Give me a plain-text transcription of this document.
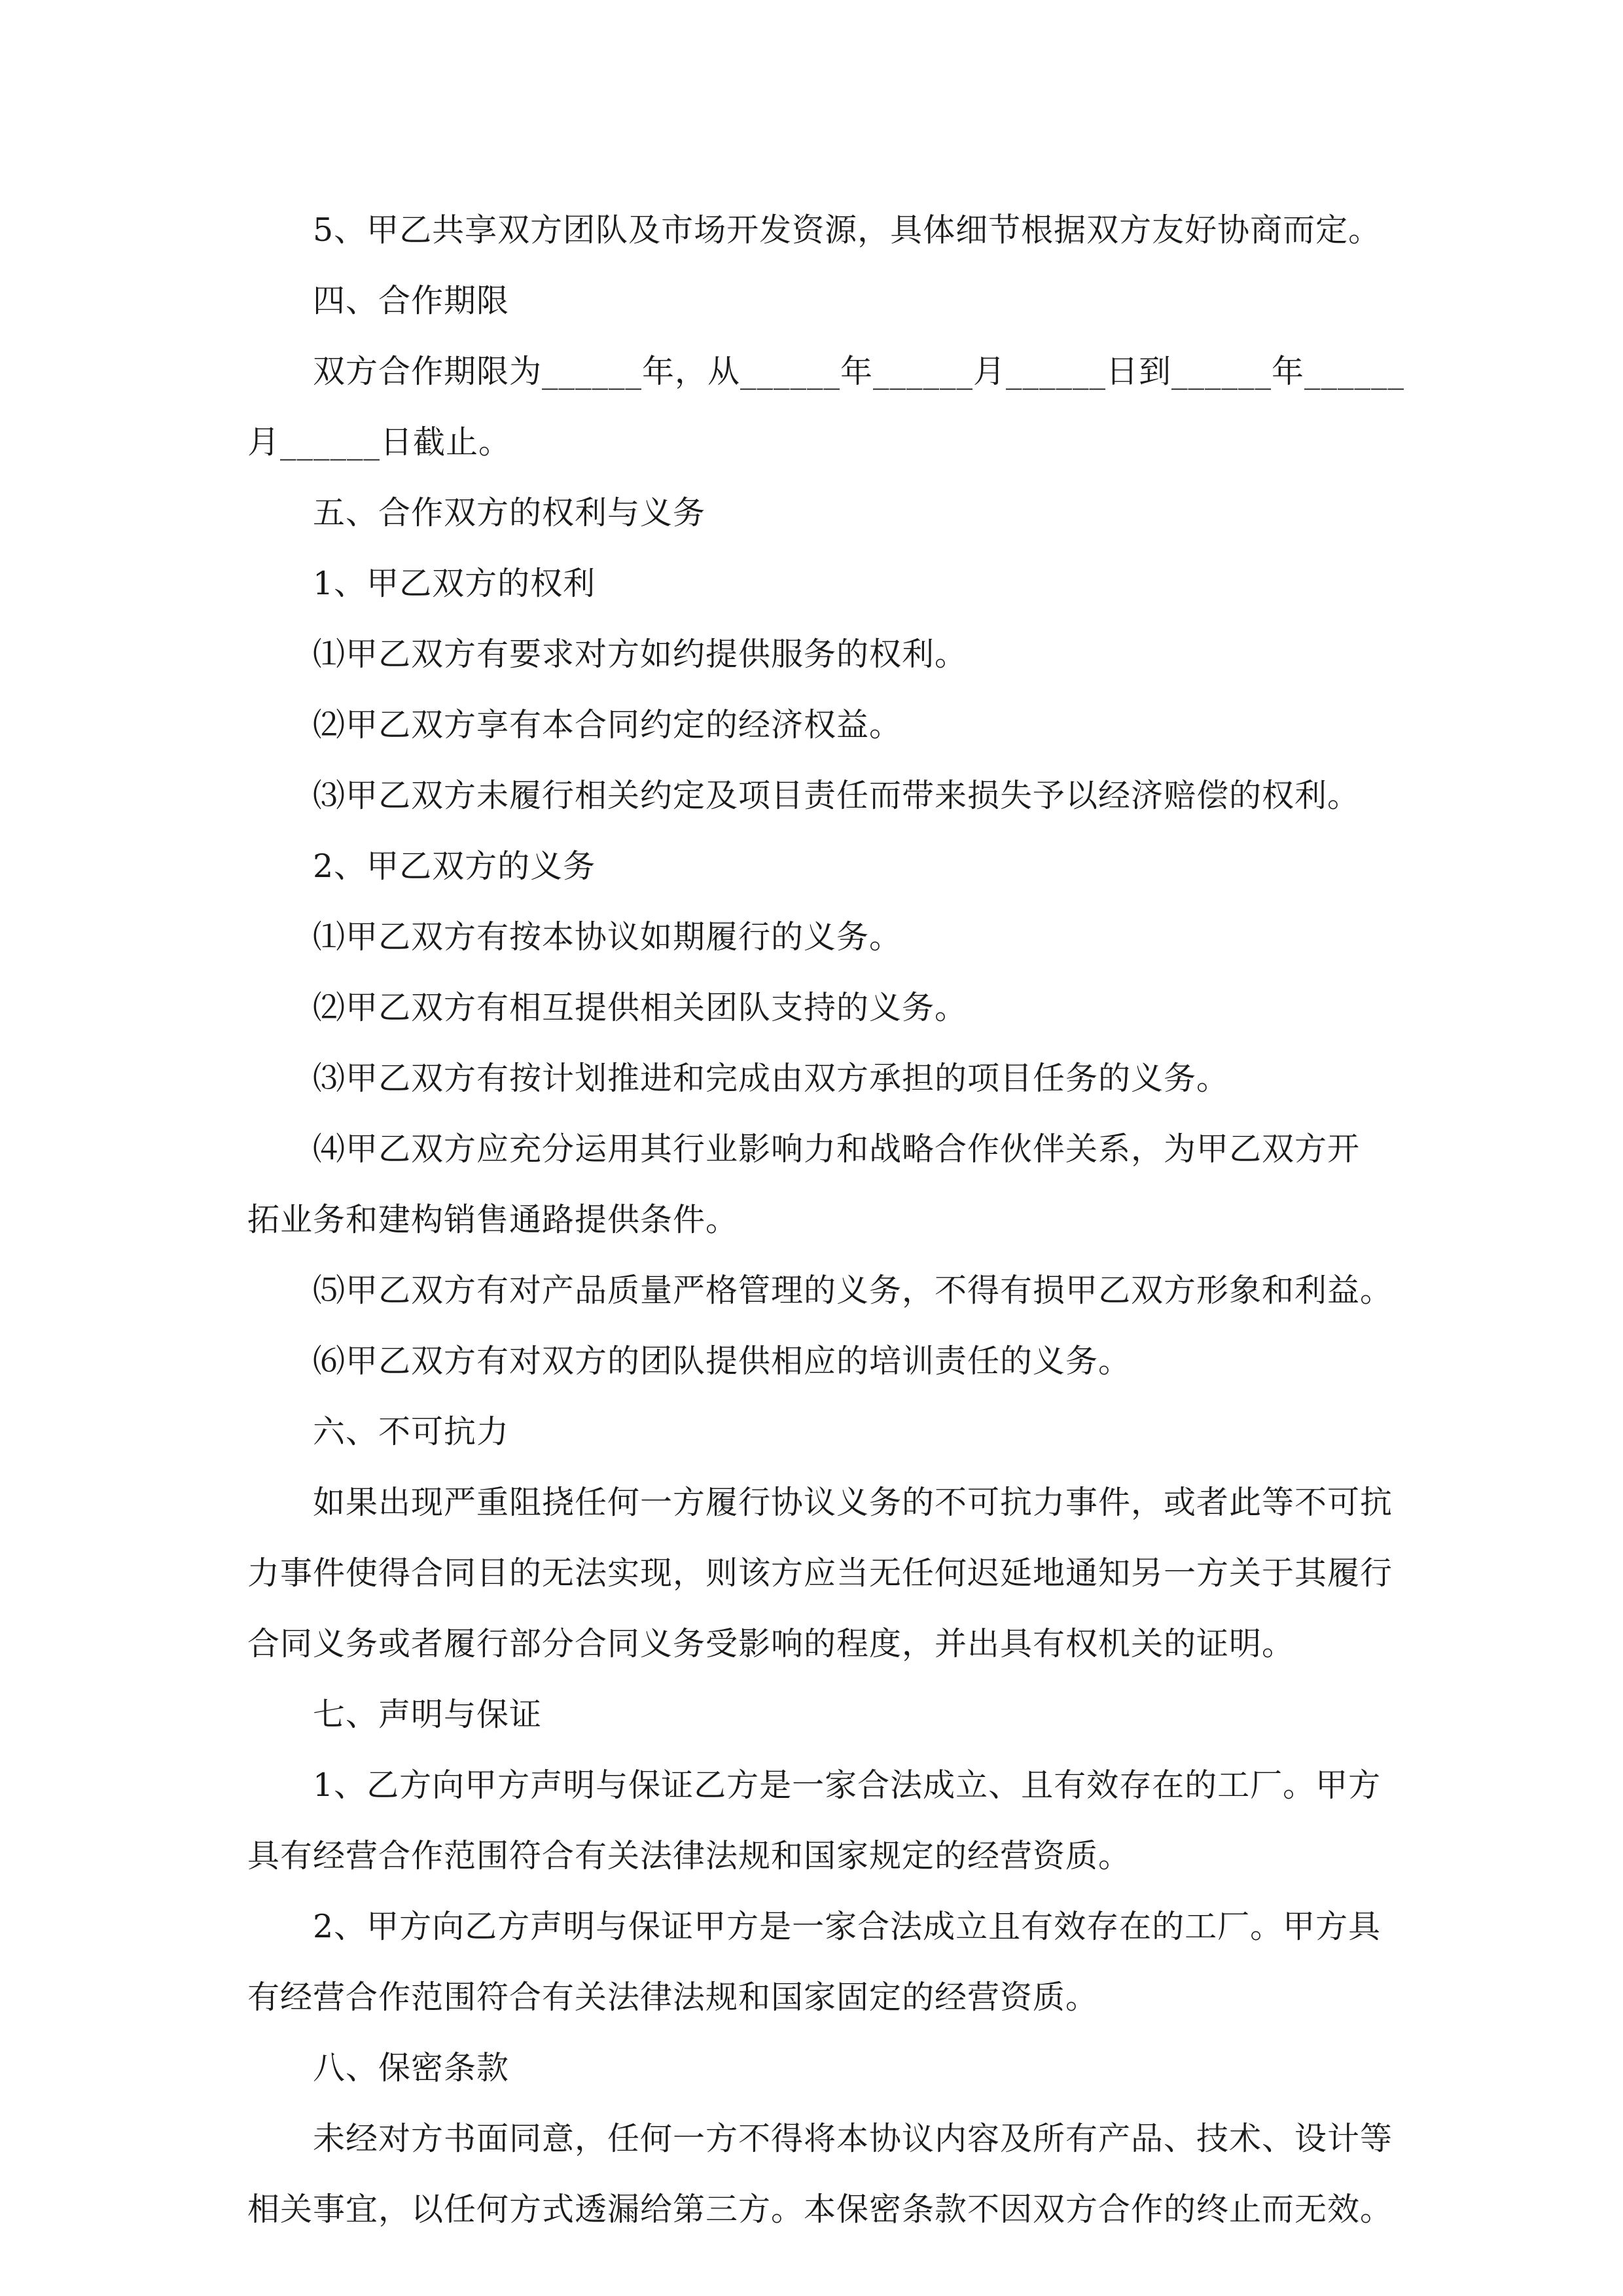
5、甲乙共享双方团队及市场开发资源，具体细节根据双方友好协商而定。
四、合作期限
双方合作期限为______年，从______年______月______日到______年______
月______日截止。
五、合作双方的权利与义务
1、甲乙双方的权利
⑴甲乙双方有要求对方如约提供服务的权利。
⑵甲乙双方享有本合同约定的经济权益。
⑶甲乙双方未履行相关约定及项目责任而带来损失予以经济赔偿的权利。
2、甲乙双方的义务
⑴甲乙双方有按本协议如期履行的义务。
⑵甲乙双方有相互提供相关团队支持的义务。
⑶甲乙双方有按计划推进和完成由双方承担的项目任务的义务。
⑷甲乙双方应充分运用其行业影响力和战略合作伙伴关系，为甲乙双方开
拓业务和建构销售通路提供条件。
⑸甲乙双方有对产品质量严格管理的义务，不得有损甲乙双方形象和利益。
⑹甲乙双方有对双方的团队提供相应的培训责任的义务。
六、不可抗力
如果出现严重阻挠任何一方履行协议义务的不可抗力事件，或者此等不可抗
力事件使得合同目的无法实现，则该方应当无任何迟延地通知另一方关于其履行
合同义务或者履行部分合同义务受影响的程度，并出具有权机关的证明。
七、声明与保证
1、乙方向甲方声明与保证乙方是一家合法成立、且有效存在的工厂。甲方
具有经营合作范围符合有关法律法规和国家规定的经营资质。
2、甲方向乙方声明与保证甲方是一家合法成立且有效存在的工厂。甲方具
有经营合作范围符合有关法律法规和国家固定的经营资质。
八、保密条款
未经对方书面同意，任何一方不得将本协议内容及所有产品、技术、设计等
相关事宜，以任何方式透漏给第三方。本保密条款不因双方合作的终止而无效。
